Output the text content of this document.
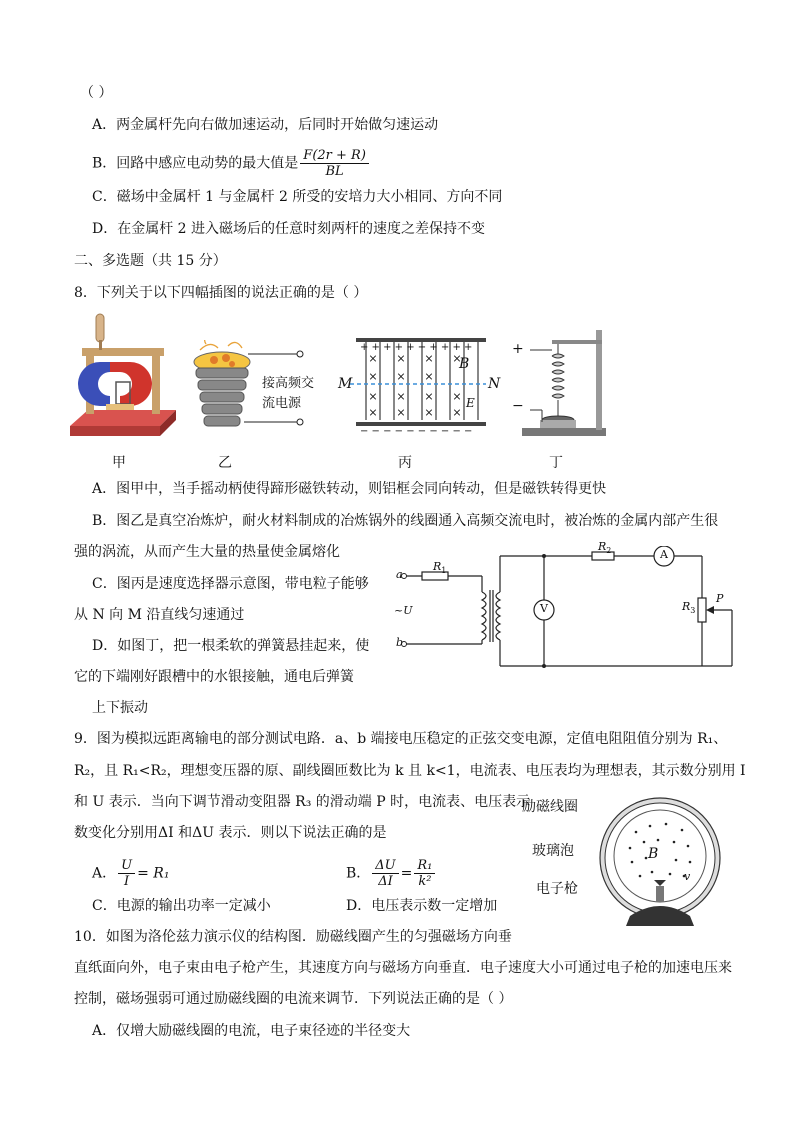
（ ）
A．两金属杆先向右做加速运动，后同时开始做匀速运动
B．回路中感应电动势的最大值是 $\frac{F(2r + R)}{BL}$
C．磁场中金属杆 1 与金属杆 2 所受的安培力大小相同、方向不同
D．在金属杆 2 进入磁场后的任意时刻两杆的速度之差保持不变
二、多选题（共 15 分）
8．下列关于以下四幅插图的说法正确的是（ ）
甲
接高频交
流电源
乙
+ + + + + + + + + +
− − − − − − − − − −
× × × ×
× × ×
× × × ×
× × × ×
M	N
B
E
丙
+
−
丁
A．图甲中，当手摇动柄使得蹄形磁铁转动，则铝框会同向转动，但是磁铁转得更快
B．图乙是真空冶炼炉，耐火材料制成的冶炼锅外的线圈通入高频交流电时，被冶炼的金属内部产生很
强的涡流，从而产生大量的热量使金属熔化
C．图丙是速度选择器示意图，带电粒子能够
从 N 向 M 沿直线匀速通过
D．如图丁，把一根柔软的弹簧悬挂起来，使
它的下端刚好跟槽中的水银接触，通电后弹簧
上下振动
a
b
~U
$R_1$
$R_2$
$R_3$
P
A
V
9．图为模拟远距离输电的部分测试电路．a、b 端接电压稳定的正弦交变电源，定值电阻阻值分别为 R₁、
R₂，且 R₁<R₂，理想变压器的原、副线圈匝数比为 k 且 k<1，电流表、电压表均为理想表，其示数分别用 I
和 U 表示．当向下调节滑动变阻器 R₃ 的滑动端 P 时，电流表、电压表示
数变化分别用ΔI 和ΔU 表示．则以下说法正确的是
A． $\frac{U}{I} = R_1$	B． $\frac{\Delta U}{\Delta I} = \frac{\text{R₁}}{\text{k²}}$
C．电源的输出功率一定减小	D．电压表示数一定增加
励磁线圈
玻璃泡
电子枪
B
v
10．如图为洛伦兹力演示仪的结构图．励磁线圈产生的匀强磁场方向垂
直纸面向外，电子束由电子枪产生，其速度方向与磁场方向垂直．电子速度大小可通过电子枪的加速电压来
控制，磁场强弱可通过励磁线圈的电流来调节．下列说法正确的是（ ）
A．仅增大励磁线圈的电流，电子束径迹的半径变大
